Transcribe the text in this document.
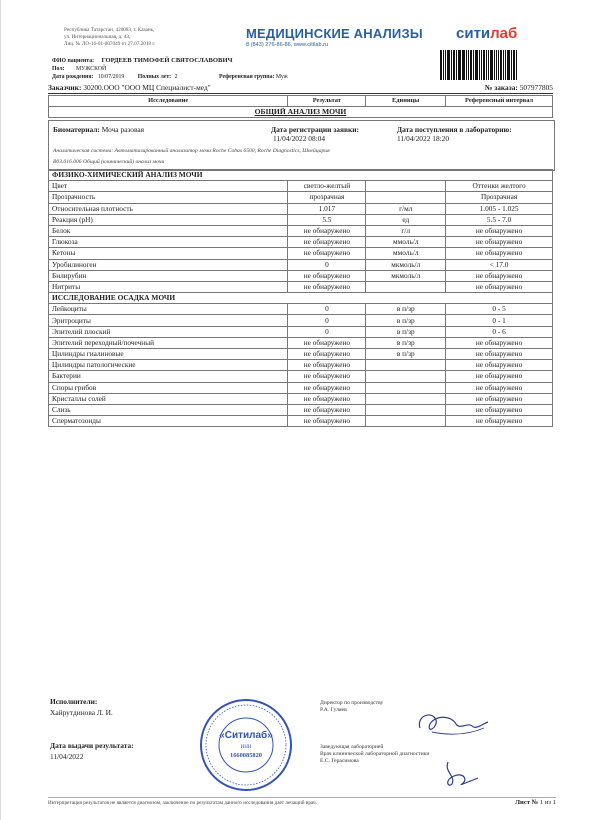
Республика Татарстан, 420083, г. Казань,
ул. Интернациональная, д. 43,
Лиц. № ЛО-16-01-007049 от 27.07.2018 г.
МЕДИЦИНСКИЕ АНАЛИЗЫ
8 (843) 276-86-86, www.citilab.ru
ситилаб
ФИО пациента: ГОРДЕЕВ ТИМОФЕЙ СВЯТОСЛАВОВИЧ
Пол: МУЖСКОЙ
Дата рождения: 10/07/2019 Полных лет: 2	Референсная группа: Муж
Заказчик: 30200.ООО "ООО МЦ Специалист-мед"	№ заказа: 507977805
Исследование	Результат	Единицы	Референсный интервал
ОБЩИЙ АНАЛИЗ МОЧИ
Биоматериал: Моча разовая	Дата регистрации заявки:
11/04/2022 08:04
Дата поступления в лабораторию:
11/04/2022 18:20
Аналитическая система: Автоматизированный анализатор мочи Roche Cobas 6500, Roche Diagnostics, Швейцария
В03.016.006 Общий (клинический) анализ мочи
ФИЗИКО-ХИМИЧЕСКИЙ АНАЛИЗ МОЧИ			
Цвет	светло-желтый		Оттенки желтого
Прозрачность	прозрачная		Прозрачная
Относительная плотность	1.017	г/мл	1.005 - 1.025
Реакция (рН)	5.5	ед	5.5 - 7.0
Белок	не обнаружено	г/л	не обнаружено
Глюкоза	не обнаружено	ммоль/л	не обнаружено
Кетоны	не обнаружено	ммоль/л	не обнаружено
Уробилиноген	0	мкмоль/л	< 17.0
Билирубин	не обнаружено	мкмоль/л	не обнаружено
Нитриты	не обнаружено		не обнаружено
ИССЛЕДОВАНИЕ ОСАДКА МОЧИ			
Лейкоциты	0	в п/зр	0 - 5
Эритроциты	0	в п/зр	0 - 1
Эпителий плоский	0	в п/зр	0 - 6
Эпителий переходный/почечный	не обнаружено	в п/зр	не обнаружено
Цилиндры гиалиновые	не обнаружено	в п/зр	не обнаружено
Цилиндры патологические	не обнаружено		не обнаружено
Бактерии	не обнаружено		не обнаружено
Споры грибов	не обнаружено		не обнаружено
Кристаллы солей	не обнаружено		не обнаружено
Слизь	не обнаружено		не обнаружено
Сперматозоиды	не обнаружено		не обнаружено
Исполнители:
Хайрутдинова Л. И.
Дата выдачи результата:
11/04/2022
Директор по производству
Р.А. Гуляев
Заведующая лабораторией
Врач клинической лабораторной диагностики
Е.С. Герасимова
«Ситилаб»
ИНН
1660085820
Интерпретация результатов не является диагнозом, заключение по результатам данного исследования дает лечащий врач.	Лист № 1 из 1
